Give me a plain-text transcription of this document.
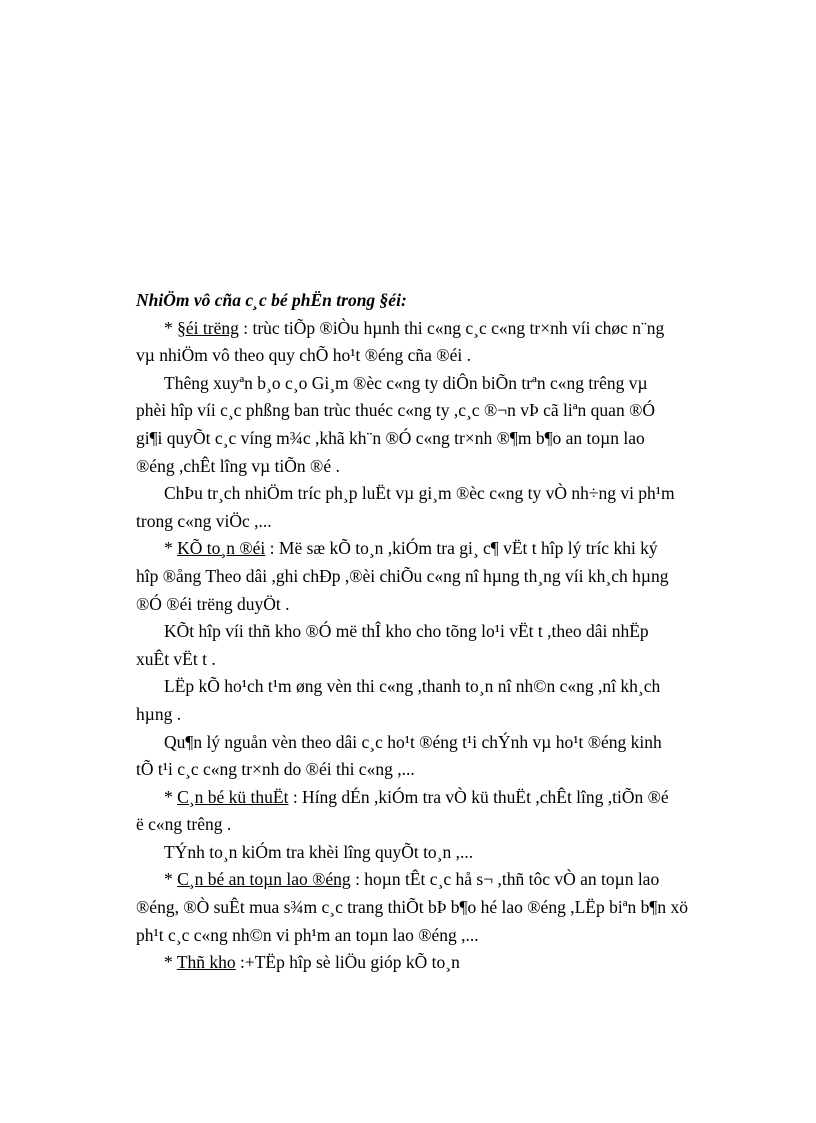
NhiÖm vô cña c¸c bé phËn trong §éi:
* §éi trëng : trùc tiÕp ®iÒu hµnh thi c«ng c¸c c«ng tr×nh víi chøc n¨ng
vµ nhiÖm vô theo quy chÕ ho¹t ®éng cña ®éi .
Thêng xuyªn b¸o c¸o Gi¸m ®èc c«ng ty diÔn biÕn trªn c«ng trêng vµ
phèi hîp víi c¸c phßng ban trùc thuéc c«ng ty ,c¸c ®¬n vÞ cã liªn quan ®Ó
gi¶i quyÕt c¸c víng m¾c ,khã kh¨n ®Ó c«ng tr×nh ®¶m b¶o an toµn lao
®éng ,chÊt lîng vµ tiÕn ®é .
ChÞu tr¸ch nhiÖm tríc ph¸p luËt vµ gi¸m ®èc c«ng ty vÒ nh÷ng vi ph¹m
trong c«ng viÖc ,...
* KÕ to¸n ®éi : Më sæ kÕ to¸n ,kiÓm tra gi¸ c¶ vËt t hîp lý tríc khi ký
hîp ®ång Theo dâi ,ghi chÐp ,®èi chiÕu c«ng nî hµng th¸ng víi kh¸ch hµng
®Ó ®éi trëng duyÖt .
KÕt hîp víi thñ kho ®Ó më thÎ kho cho tõng lo¹i vËt t ,theo dâi nhËp
xuÊt vËt t .
LËp kÕ ho¹ch t¹m øng vèn thi c«ng ,thanh to¸n nî nh©n c«ng ,nî kh¸ch
hµng .
Qu¶n lý nguån vèn theo dâi c¸c ho¹t ®éng t¹i chÝnh vµ ho¹t ®éng kinh
tÕ t¹i c¸c c«ng tr×nh do ®éi thi c«ng ,...
* C¸n bé kü thuËt : Híng dÉn ,kiÓm tra vÒ kü thuËt ,chÊt lîng ,tiÕn ®é
ë c«ng trêng .
TÝnh to¸n kiÓm tra khèi lîng quyÕt to¸n ,...
* C¸n bé an toµn lao ®éng : hoµn tÊt c¸c hå s¬ ,thñ tôc vÒ an toµn lao
®éng, ®Ò suÊt mua s¾m c¸c trang thiÕt bÞ b¶o hé lao ®éng ,LËp biªn b¶n xö
ph¹t c¸c c«ng nh©n vi ph¹m an toµn lao ®éng ,...
* Thñ kho :+TËp hîp sè liÖu gióp kÕ to¸n
